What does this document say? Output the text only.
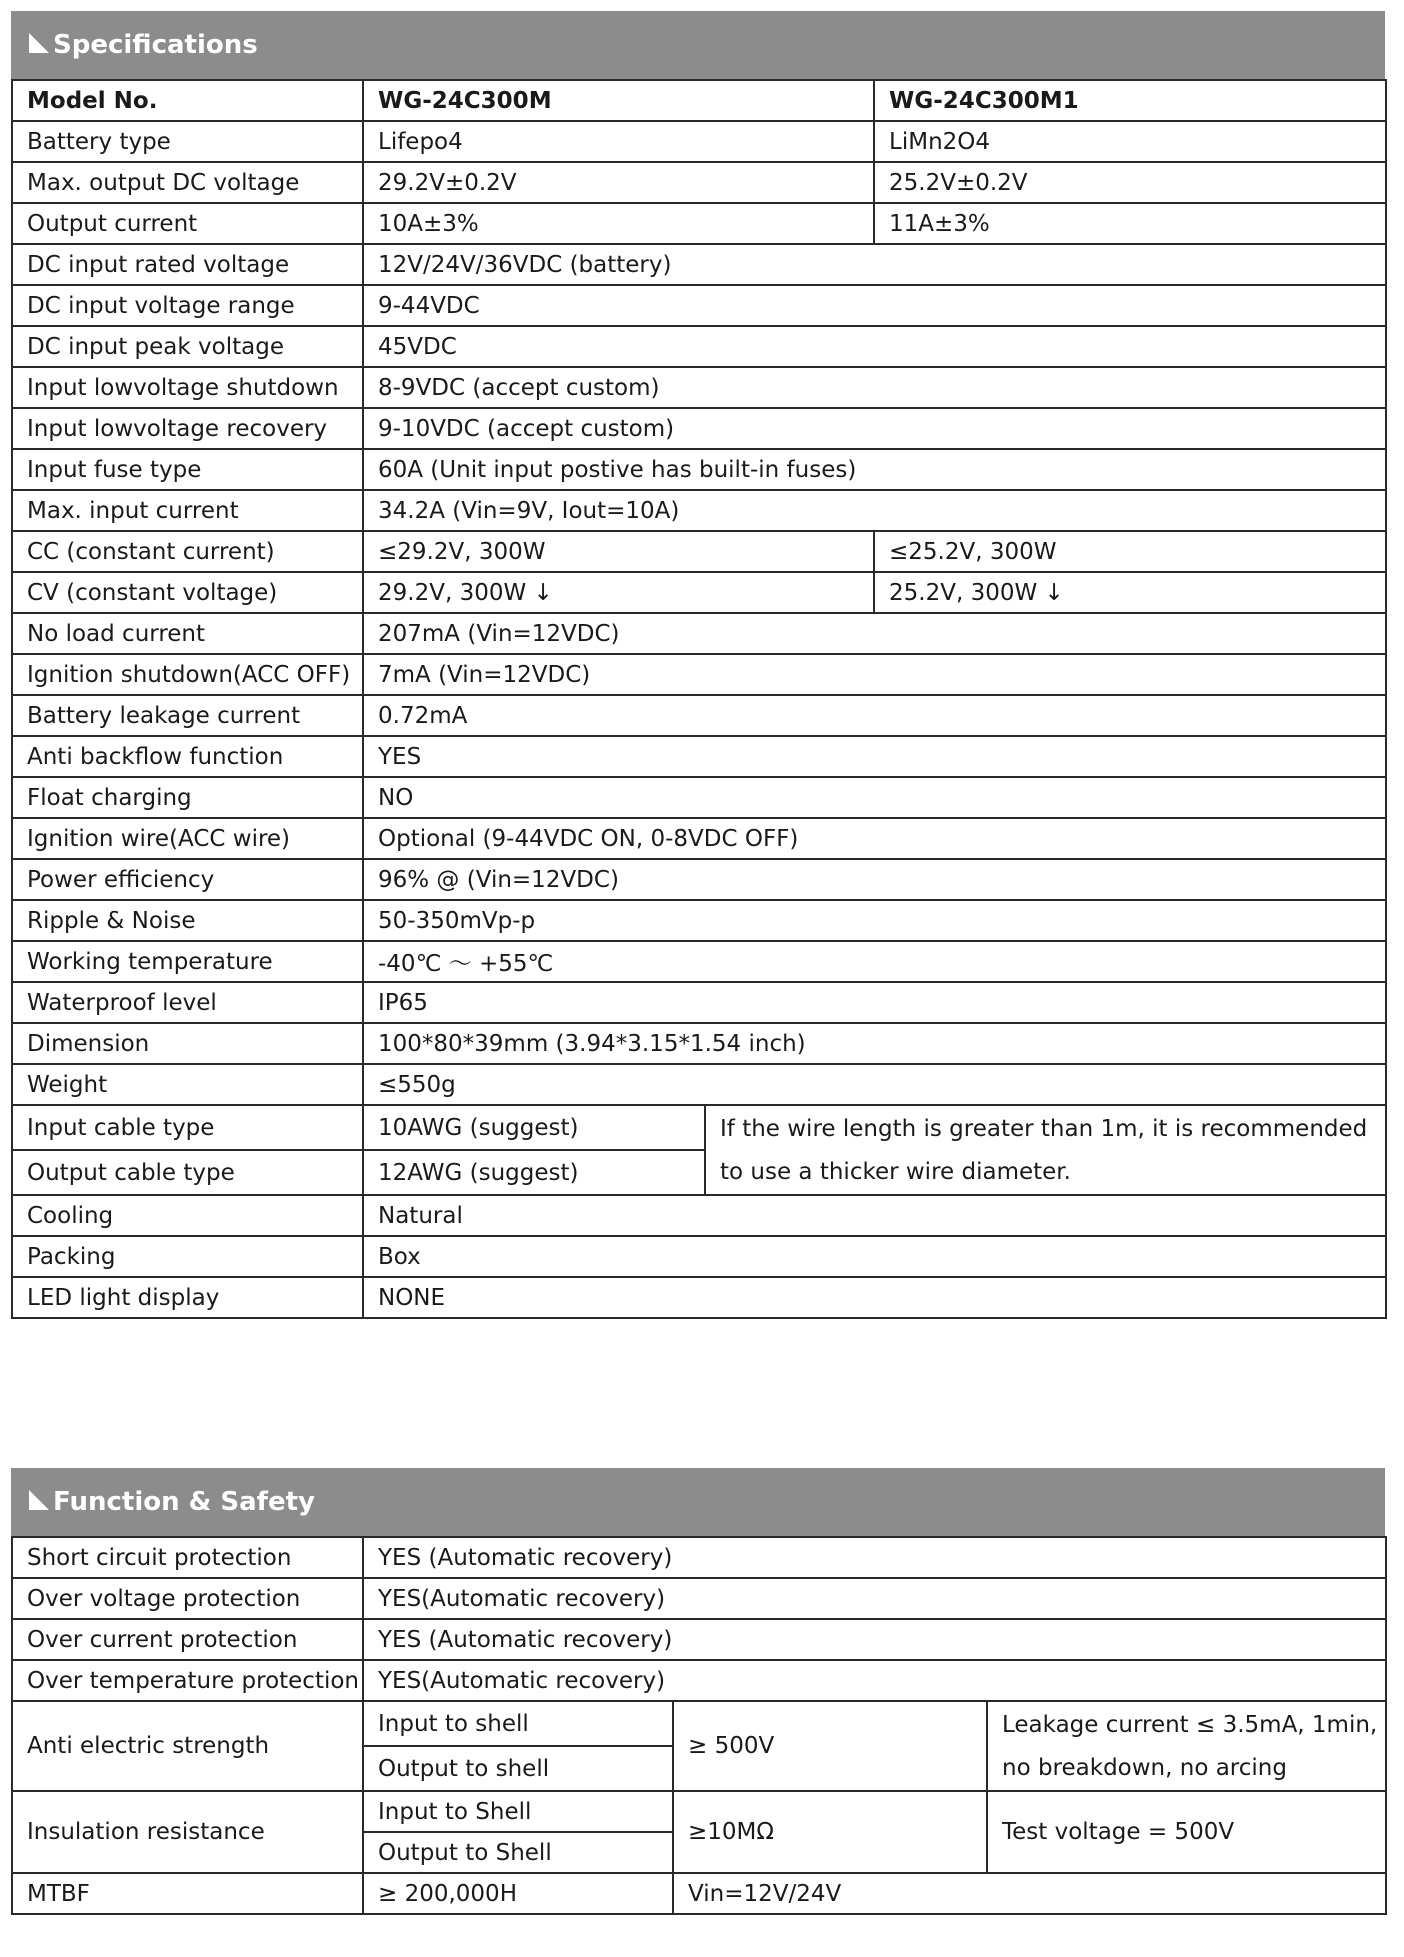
Specifications
Model No.	WG-24C300M		WG-24C300M1
Battery type	Lifepo4		LiMn2O4
Max. output DC voltage	29.2V±0.2V		25.2V±0.2V
Output current	10A±3%		11A±3%
DC input rated voltage	12V/24V/36VDC (battery)		
DC input voltage range	9-44VDC		
DC input peak voltage	45VDC		
Input lowvoltage shutdown	8-9VDC (accept custom)		
Input lowvoltage recovery	9-10VDC (accept custom)		
Input fuse type	60A (Unit input postive has built-in fuses)		
Max. input current	34.2A (Vin=9V, Iout=10A)		
CC (constant current)	≤29.2V, 300W		≤25.2V, 300W
CV (constant voltage)	29.2V, 300W ↓		25.2V, 300W ↓
No load current	207mA (Vin=12VDC)		
Ignition shutdown(ACC OFF)	7mA (Vin=12VDC)		
Battery leakage current	0.72mA		
Anti backflow function	YES		
Float charging	NO		
Ignition wire(ACC wire)	Optional (9-44VDC ON, 0-8VDC OFF)		
Power efficiency	96% @ (Vin=12VDC)		
Ripple & Noise	50-350mVp-p		
Working temperature	-40℃ ～ +55℃		
Waterproof level	IP65		
Dimension	100*80*39mm (3.94*3.15*1.54 inch)		
Weight	≤550g		
Input cable type	10AWG (suggest)	If the wire length is greater than 1m, it is recommended to use a thicker wire diameter.	
Output cable type	12AWG (suggest)		
Cooling	Natural		
Packing	Box		
LED light display	NONE		
Function & Safety
Short circuit protection	YES (Automatic recovery)		
Over voltage protection	YES(Automatic recovery)		
Over current protection	YES (Automatic recovery)		
Over temperature protection	YES(Automatic recovery)		
Anti electric strength	Input to shell	≥ 500V	Leakage current ≤ 3.5mA, 1min, no breakdown, no arcing
	Output to shell		
Insulation resistance	Input to Shell	≥10MΩ	Test voltage = 500V
	Output to Shell		
MTBF	≥ 200,000H	Vin=12V/24V	
